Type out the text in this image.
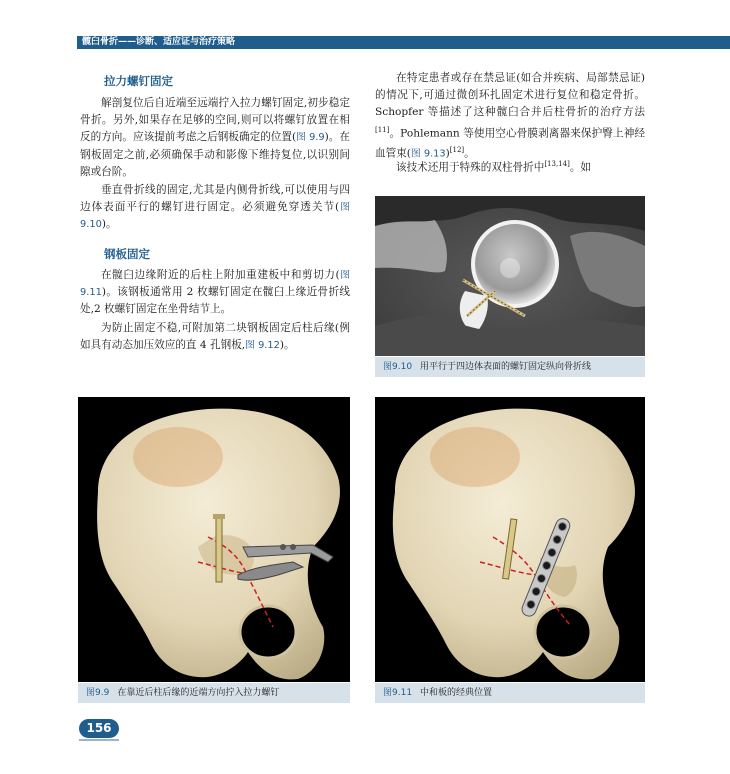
髋臼骨折——诊断、适应证与治疗策略
拉力螺钉固定

解剖复位后自近端至远端拧入拉力螺钉固定,初步稳定骨折。另外,如果存在足够的空间,则可以将螺钉放置在相反的方向。应该提前考虑之后钢板确定的位置(图 9.9)。在钢板固定之前,必须确保手动和影像下维持复位,以识别间隙或台阶。

垂直骨折线的固定,尤其是内侧骨折线,可以使用与四边体表面平行的螺钉进行固定。必须避免穿透关节(图 9.10)。

钢板固定

在髋臼边缘附近的后柱上附加重建板中和剪切力(图 9.11)。该钢板通常用 2 枚螺钉固定在髋臼上缘近骨折线处,2 枚螺钉固定在坐骨结节上。

为防止固定不稳,可附加第二块钢板固定后柱后缘(例如具有动态加压效应的直 4 孔钢板,图 9.12)。

在特定患者或存在禁忌证(如合并疾病、局部禁忌证)的情况下,可通过微创环扎固定术进行复位和稳定骨折。Schopfer 等描述了这种髋臼合并后柱骨折的治疗方法[11]。Pohlemann 等使用空心骨膜剥离器来保护臀上神经血管束(图 9.13)[12]。

该技术还用于特殊的双柱骨折中[13,14]。如

图9.10 用平行于四边体表面的螺钉固定纵向骨折线
图9.9 在靠近后柱后缘的近端方向拧入拉力螺钉	图9.11 中和板的经典位置
156
